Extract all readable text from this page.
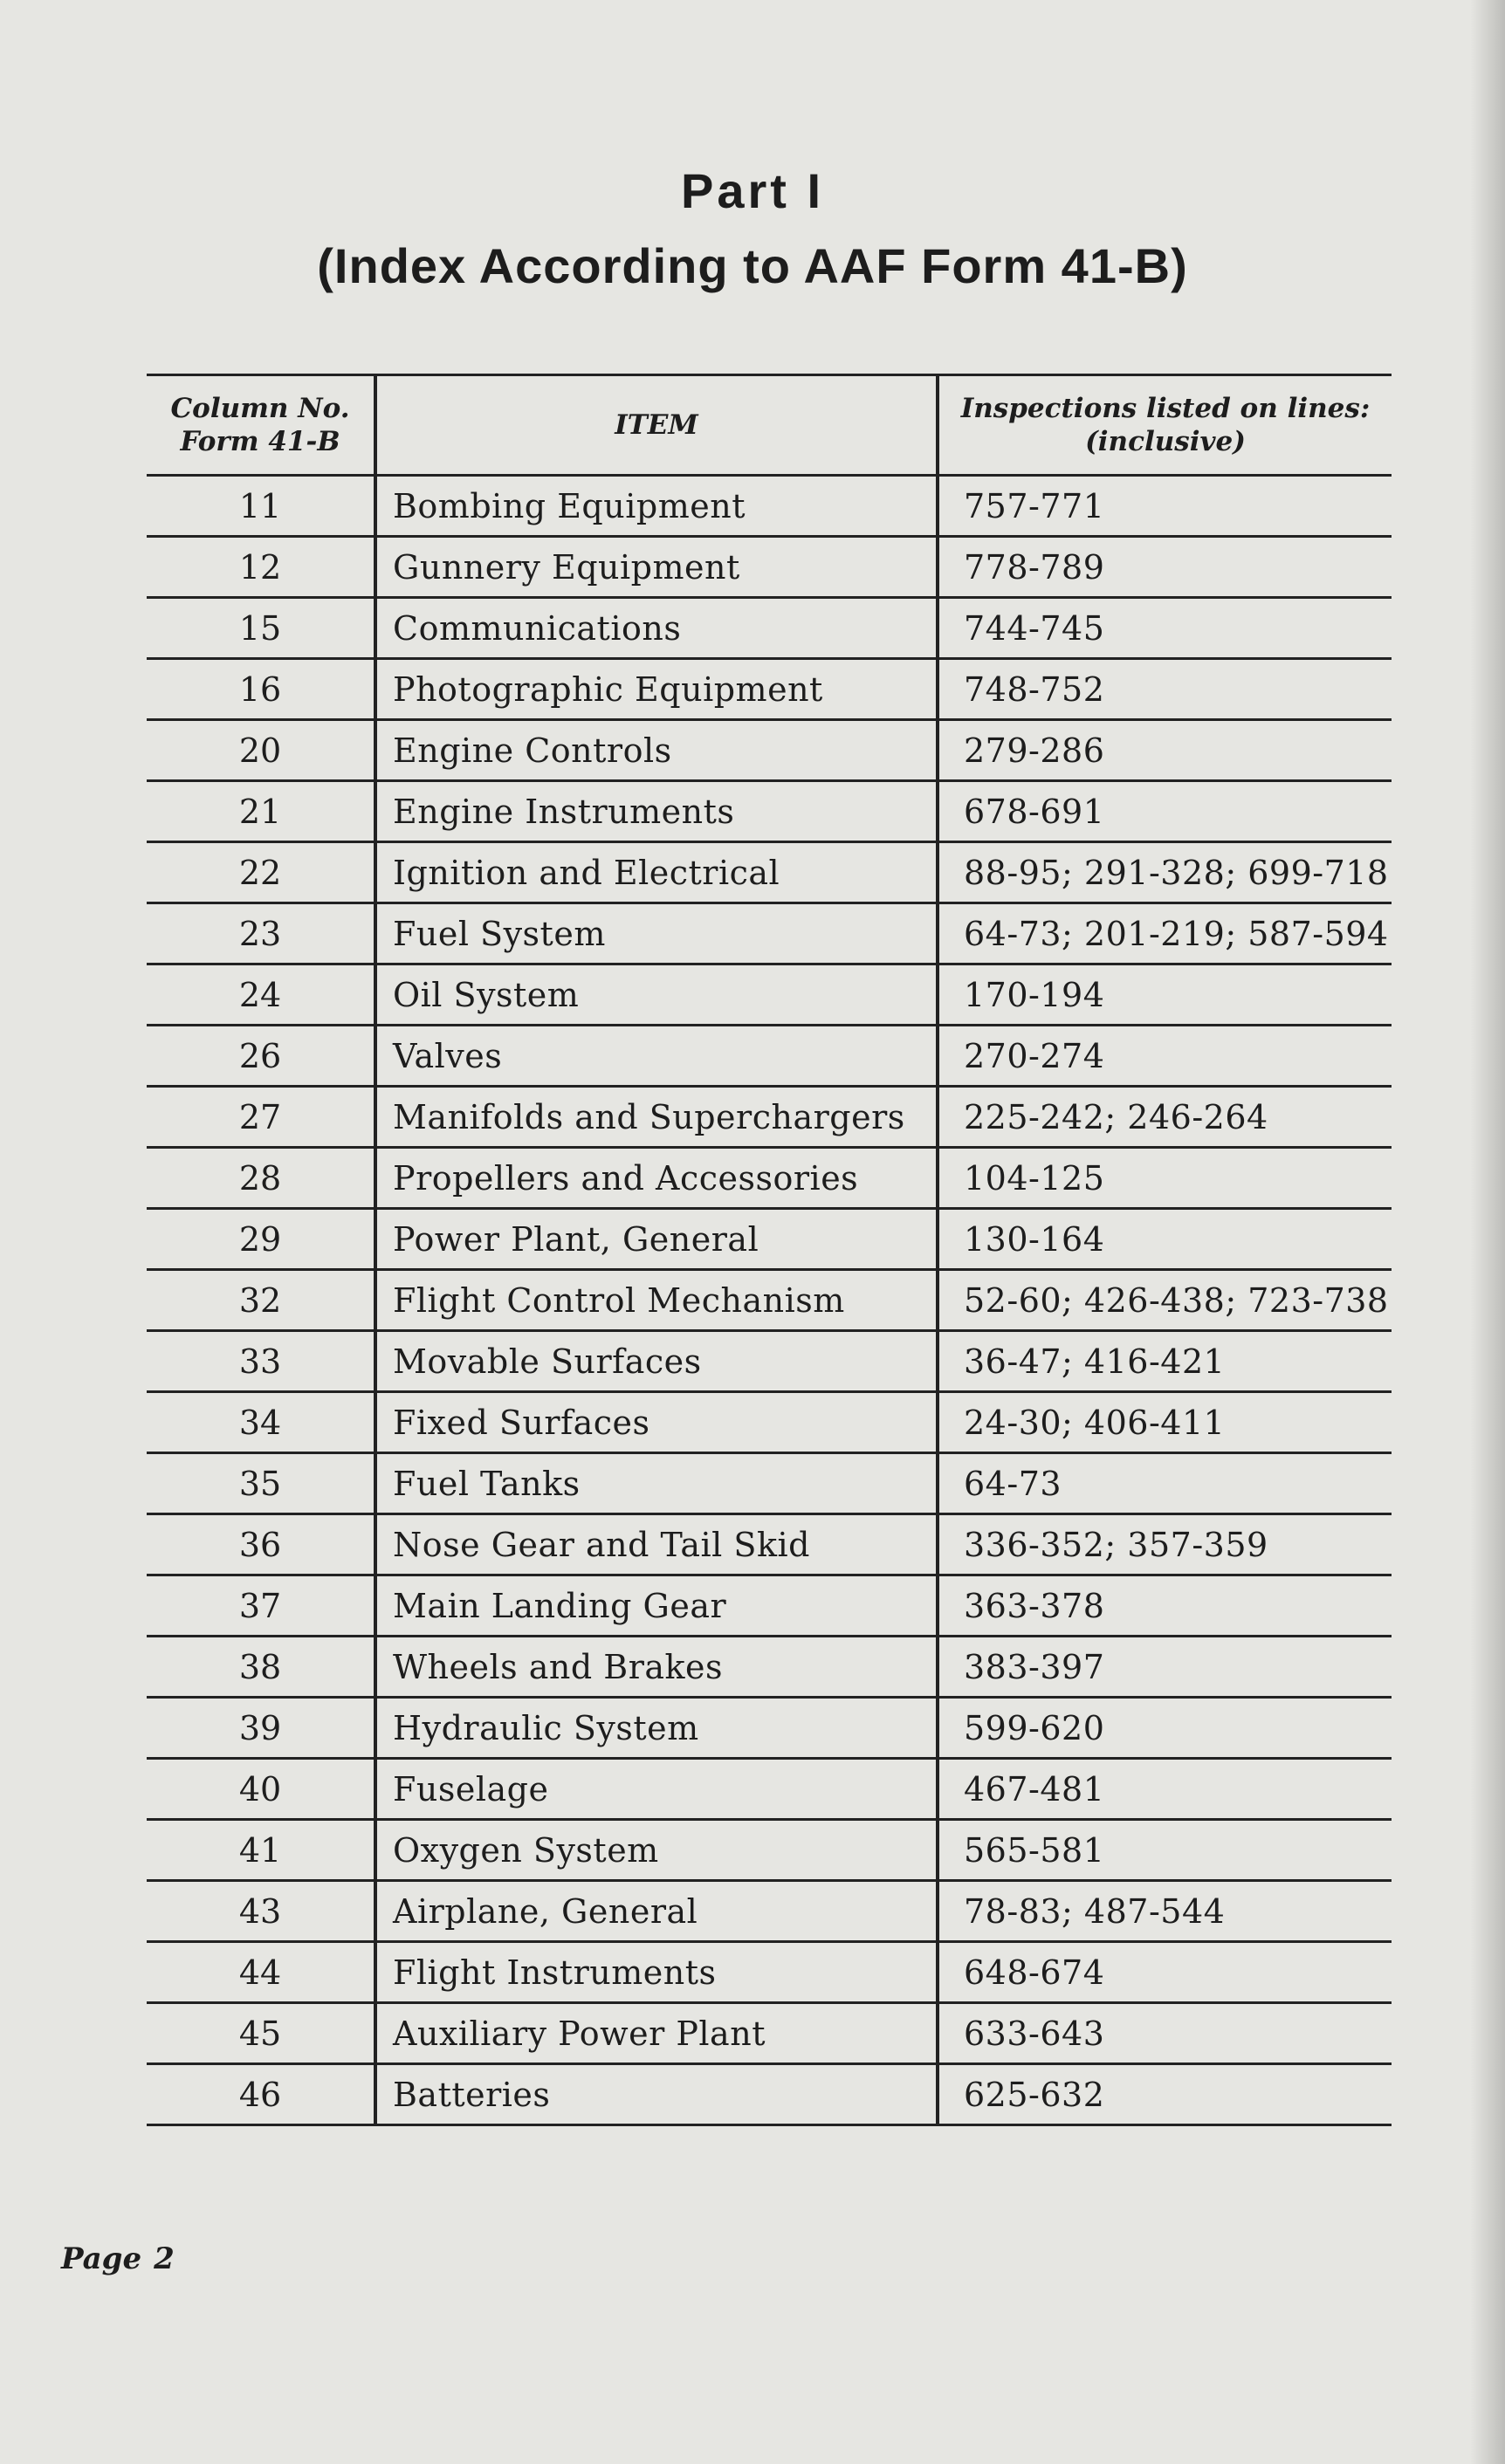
Part I
(Index According to AAF Form 41-B)
Column No. Form 41-B	ITEM	Inspections listed on lines: (inclusive)
11	Bombing Equipment	757-771
12	Gunnery Equipment	778-789
15	Communications	744-745
16	Photographic Equipment	748-752
20	Engine Controls	279-286
21	Engine Instruments	678-691
22	Ignition and Electrical	88-95; 291-328; 699-718
23	Fuel System	64-73; 201-219; 587-594
24	Oil System	170-194
26	Valves	270-274
27	Manifolds and Superchargers	225-242; 246-264
28	Propellers and Accessories	104-125
29	Power Plant, General	130-164
32	Flight Control Mechanism	52-60; 426-438; 723-738
33	Movable Surfaces	36-47; 416-421
34	Fixed Surfaces	24-30; 406-411
35	Fuel Tanks	64-73
36	Nose Gear and Tail Skid	336-352; 357-359
37	Main Landing Gear	363-378
38	Wheels and Brakes	383-397
39	Hydraulic System	599-620
40	Fuselage	467-481
41	Oxygen System	565-581
43	Airplane, General	78-83; 487-544
44	Flight Instruments	648-674
45	Auxiliary Power Plant	633-643
46	Batteries	625-632
Page 2
